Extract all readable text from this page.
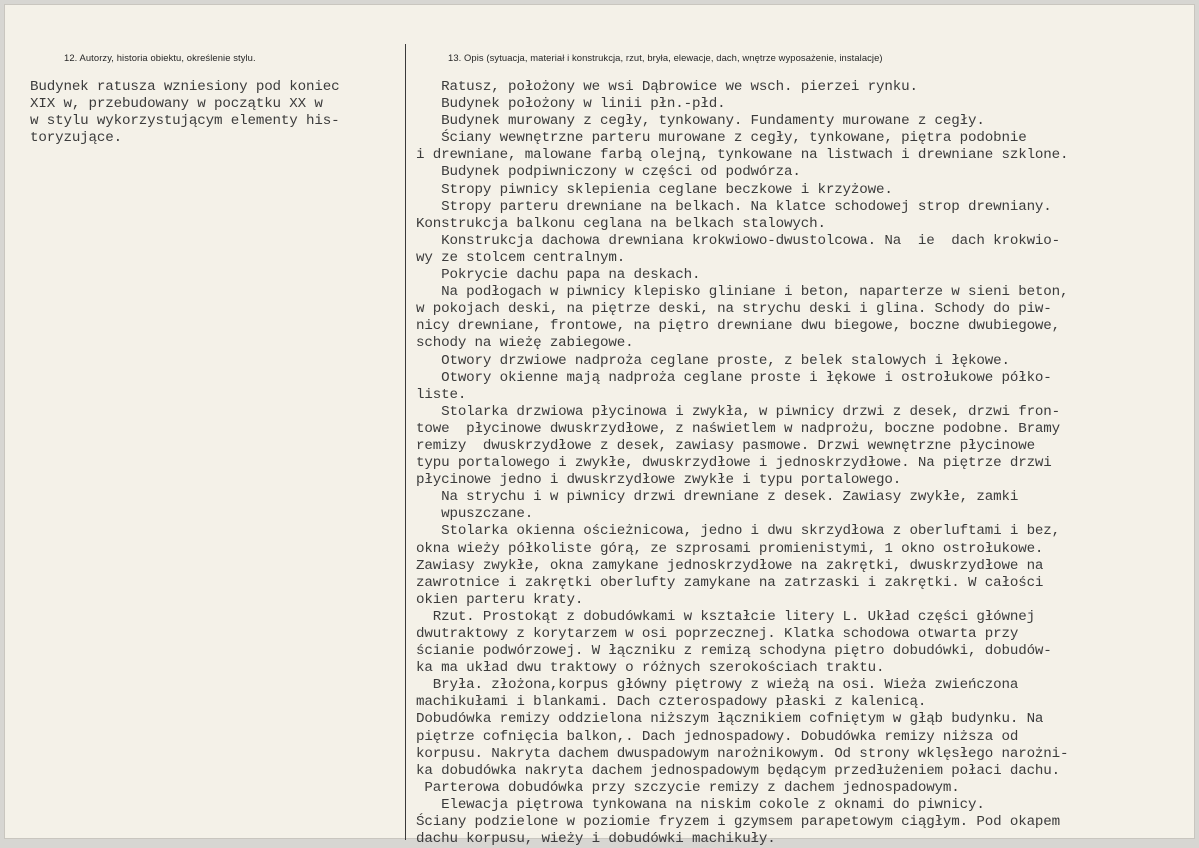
12. Autorzy, historia obiektu, określenie stylu.	13. Opis (sytuacja, materiał i konstrukcja, rzut, bryła, elewacje, dach, wnętrze wyposażenie, instalacje)
Budynek ratusza wzniesiony pod koniec
XIX w, przebudowany w początku XX w
w stylu wykorzystującym elementy his-
toryzujące.
Ratusz, położony we wsi Dąbrowice we wsch. pierzei rynku.
Budynek położony w linii płn.-płd.
Budynek murowany z cegły, tynkowany. Fundamenty murowane z cegły.
Ściany wewnętrzne parteru murowane z cegły, tynkowane, piętra podobnie
i drewniane, malowane farbą olejną, tynkowane na listwach i drewniane szklone.
Budynek podpiwniczony w części od podwórza.
Stropy piwnicy sklepienia ceglane beczkowe i krzyżowe.
Stropy parteru drewniane na belkach. Na klatce schodowej strop drewniany.
Konstrukcja balkonu ceglana na belkach stalowych.
Konstrukcja dachowa drewniana krokwiowo-dwustolcowa. Na  ie  dach krokwio-
wy ze stolcem centralnym.
Pokrycie dachu papa na deskach.
Na podłogach w piwnicy klepisko gliniane i beton, naparterze w sieni beton,
w pokojach deski, na piętrze deski, na strychu deski i glina. Schody do piw-
nicy drewniane, frontowe, na piętro drewniane dwu biegowe, boczne dwubiegowe,
schody na wieżę zabiegowe.
Otwory drzwiowe nadproża ceglane proste, z belek stalowych i łękowe.
Otwory okienne mają nadproża ceglane proste i łękowe i ostrołukowe półko-
liste.
Stolarka drzwiowa płycinowa i zwykła, w piwnicy drzwi z desek, drzwi fron-
towe  płycinowe dwuskrzydłowe, z naświetlem w nadprożu, boczne podobne. Bramy
remizy  dwuskrzydłowe z desek, zawiasy pasmowe. Drzwi wewnętrzne płycinowe
typu portalowego i zwykłe, dwuskrzydłowe i jednoskrzydłowe. Na piętrze drzwi
płycinowe jedno i dwuskrzydłowe zwykłe i typu portalowego.
Na strychu i w piwnicy drzwi drewniane z desek. Zawiasy zwykłe, zamki
wpuszczane.
Stolarka okienna ościeżnicowa, jedno i dwu skrzydłowa z oberluftami i bez,
okna wieży półkoliste górą, ze szprosami promienistymi, 1 okno ostrołukowe.
Zawiasy zwykłe, okna zamykane jednoskrzydłowe na zakrętki, dwuskrzydłowe na
zawrotnice i zakrętki oberlufty zamykane na zatrzaski i zakrętki. W całości
okien parteru kraty.
Rzut. Prostokąt z dobudówkami w kształcie litery L. Układ części głównej
dwutraktowy z korytarzem w osi poprzecznej. Klatka schodowa otwarta przy
ścianie podwórzowej. W łączniku z remizą schodyna piętro dobudówki, dobudów-
ka ma układ dwu traktowy o różnych szerokościach traktu.
Bryła. złożona,korpus główny piętrowy z wieżą na osi. Wieża zwieńczona
machikułami i blankami. Dach czterospadowy płaski z kalenicą.
Dobudówka remizy oddzielona niższym łącznikiem cofniętym w głąb budynku. Na
piętrze cofnięcia balkon,. Dach jednospadowy. Dobudówka remizy niższa od
korpusu. Nakryta dachem dwuspadowym narożnikowym. Od strony wklęsłego narożni-
ka dobudówka nakryta dachem jednospadowym będącym przedłużeniem połaci dachu.
Parterowa dobudówka przy szczycie remizy z dachem jednospadowym.
Elewacja piętrowa tynkowana na niskim cokole z oknami do piwnicy.
Ściany podzielone w poziomie fryzem i gzymsem parapetowym ciągłym. Pod okapem
dachu korpusu, wieży i dobudówki machikuły.
